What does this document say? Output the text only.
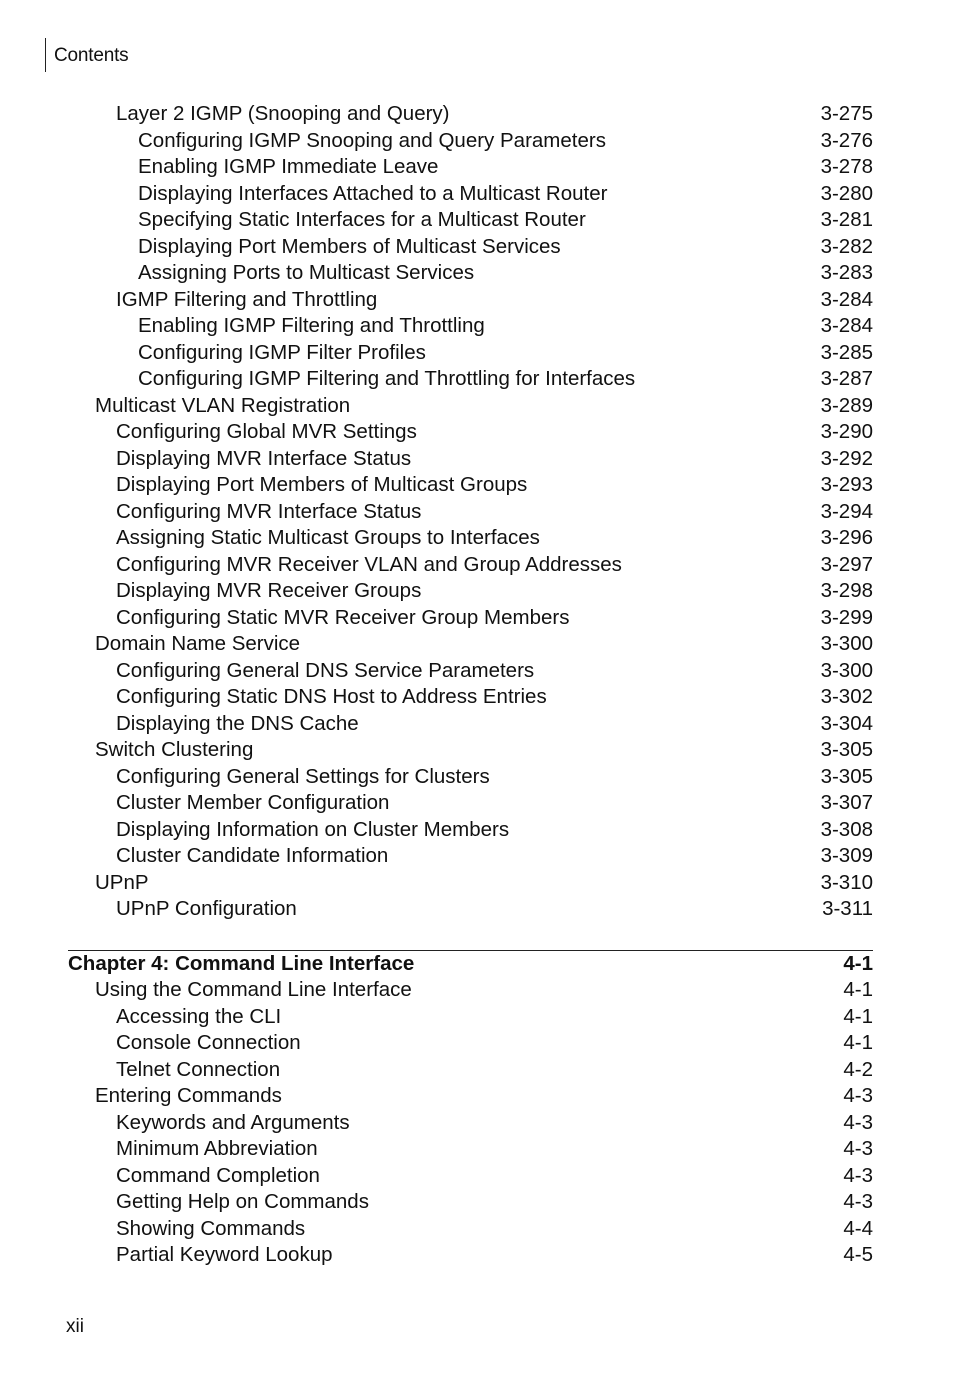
Contents
Layer 2 IGMP (Snooping and Query)	3-275
Configuring IGMP Snooping and Query Parameters	3-276
Enabling IGMP Immediate Leave	3-278
Displaying Interfaces Attached to a Multicast Router	3-280
Specifying Static Interfaces for a Multicast Router	3-281
Displaying Port Members of Multicast Services	3-282
Assigning Ports to Multicast Services	3-283
IGMP Filtering and Throttling	3-284
Enabling IGMP Filtering and Throttling	3-284
Configuring IGMP Filter Profiles	3-285
Configuring IGMP Filtering and Throttling for Interfaces	3-287
Multicast VLAN Registration	3-289
Configuring Global MVR Settings	3-290
Displaying MVR Interface Status	3-292
Displaying Port Members of Multicast Groups	3-293
Configuring MVR Interface Status	3-294
Assigning Static Multicast Groups to Interfaces	3-296
Configuring MVR Receiver VLAN and Group Addresses	3-297
Displaying MVR Receiver Groups	3-298
Configuring Static MVR Receiver Group Members	3-299
Domain Name Service	3-300
Configuring General DNS Service Parameters	3-300
Configuring Static DNS Host to Address Entries	3-302
Displaying the DNS Cache	3-304
Switch Clustering	3-305
Configuring General Settings for Clusters	3-305
Cluster Member Configuration	3-307
Displaying Information on Cluster Members	3-308
Cluster Candidate Information	3-309
UPnP	3-310
UPnP Configuration	3-311
Chapter 4: Command Line Interface	4-1
Using the Command Line Interface	4-1
Accessing the CLI	4-1
Console Connection	4-1
Telnet Connection	4-2
Entering Commands	4-3
Keywords and Arguments	4-3
Minimum Abbreviation	4-3
Command Completion	4-3
Getting Help on Commands	4-3
Showing Commands	4-4
Partial Keyword Lookup	4-5
xii
